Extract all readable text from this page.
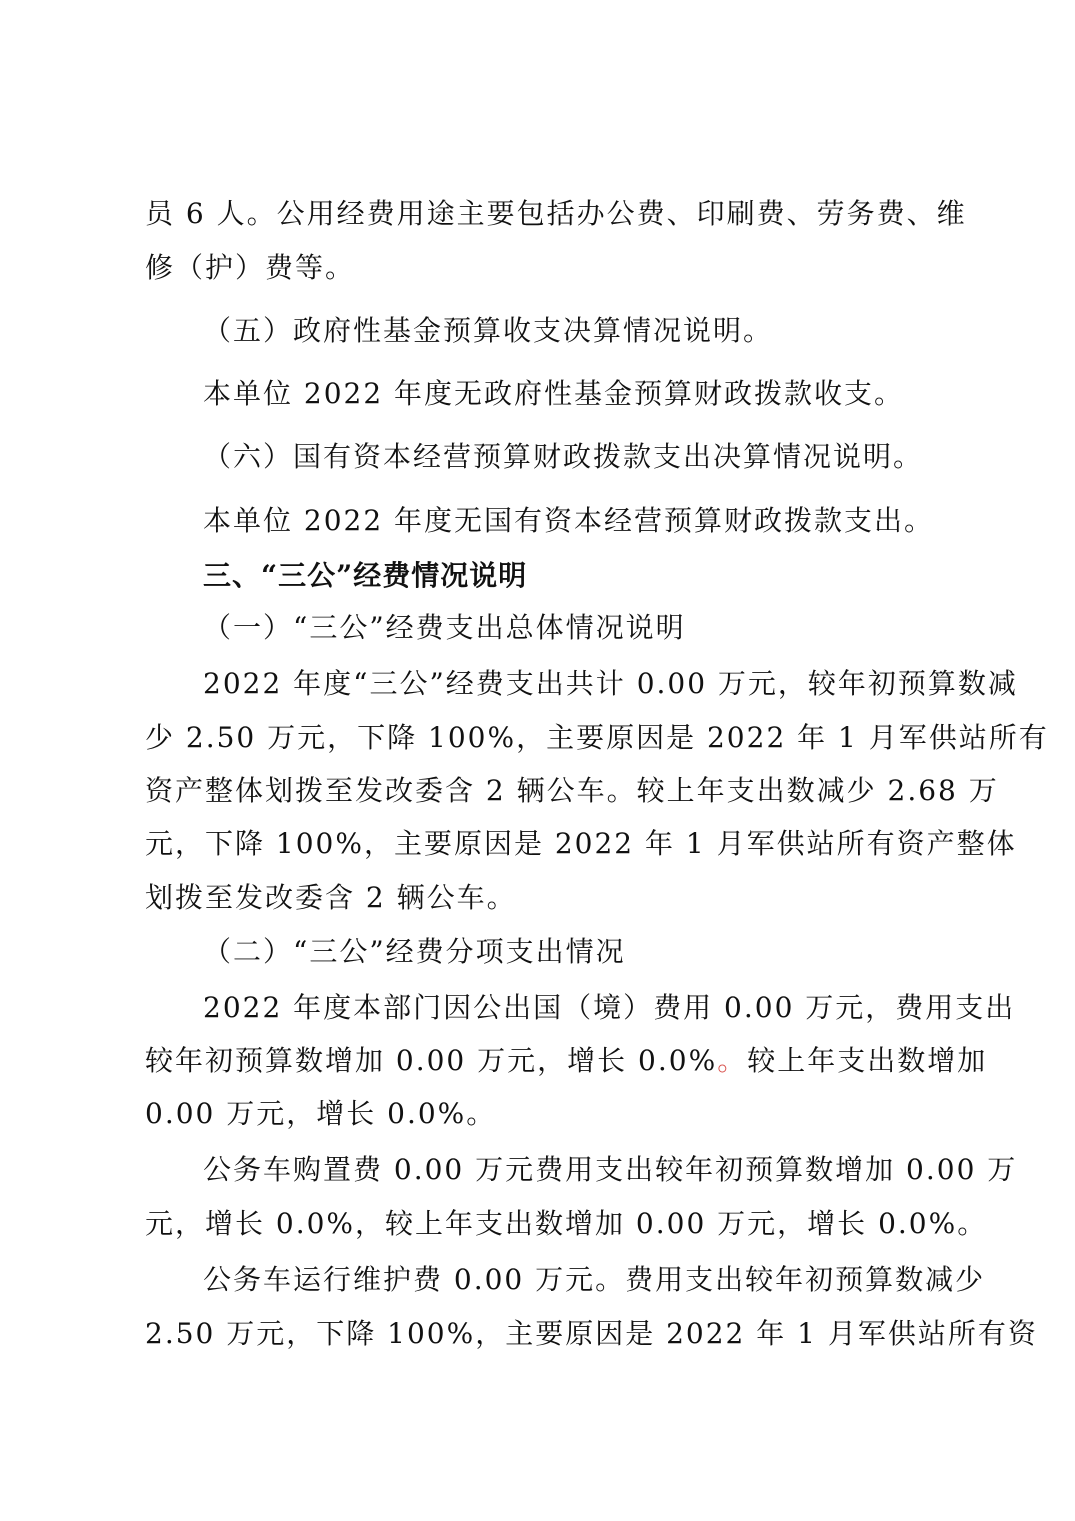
员 6 人。公用经费用途主要包括办公费、印刷费、劳务费、维
修（护）费等。
（五）政府性基金预算收支决算情况说明。
本单位 2022 年度无政府性基金预算财政拨款收支。
（六）国有资本经营预算财政拨款支出决算情况说明。
本单位 2022 年度无国有资本经营预算财政拨款支出。
三、“三公”经费情况说明
（一）“三公”经费支出总体情况说明
2022 年度“三公”经费支出共计 0.00 万元，较年初预算数减
少 2.50 万元，下降 100%，主要原因是 2022 年 1 月军供站所有
资产整体划拨至发改委含 2 辆公车。较上年支出数减少 2.68 万
元，下降 100%，主要原因是 2022 年 1 月军供站所有资产整体
划拨至发改委含 2 辆公车。
（二）“三公”经费分项支出情况
2022 年度本部门因公出国（境）费用 0.00 万元，费用支出
较年初预算数增加 0.00 万元，增长 0.0%。较上年支出数增加
0.00 万元，增长 0.0%。
公务车购置费 0.00 万元费用支出较年初预算数增加 0.00 万
元，增长 0.0%，较上年支出数增加 0.00 万元，增长 0.0%。
公务车运行维护费 0.00 万元。费用支出较年初预算数减少
2.50 万元，下降 100%，主要原因是 2022 年 1 月军供站所有资
